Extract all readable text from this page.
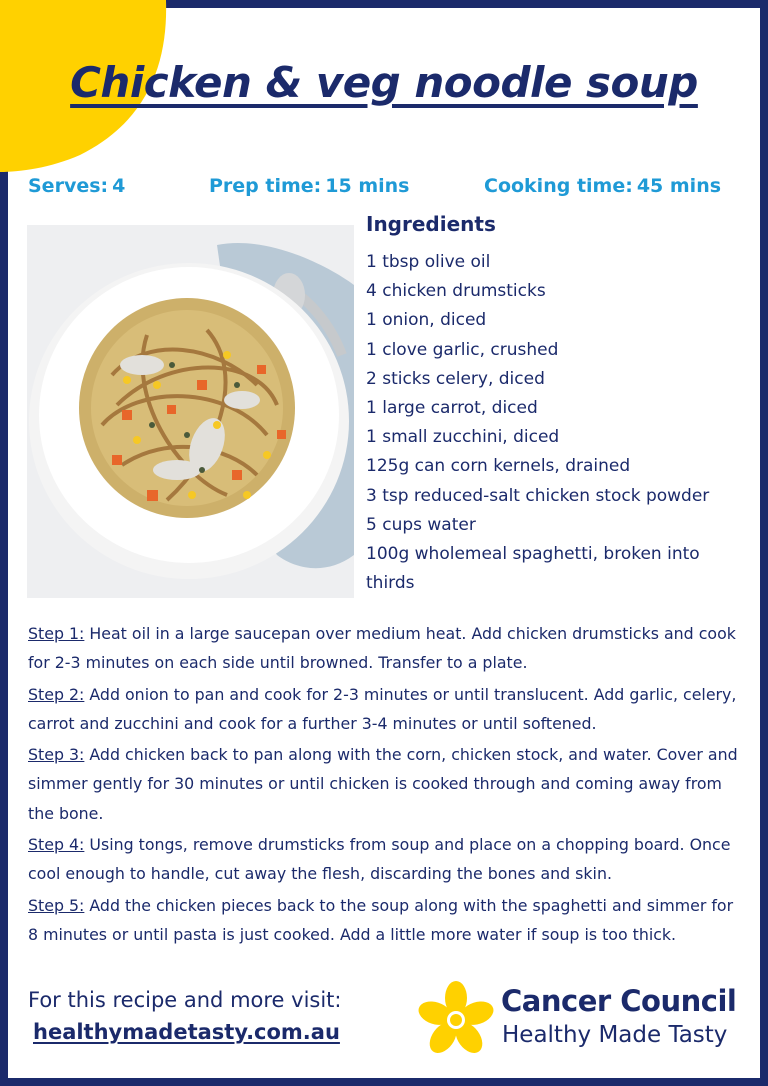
Chicken & veg noodle soup
Serves: 4	Prep time: 15 mins	Cooking time: 45 mins
Ingredients
1 tbsp olive oil
4 chicken drumsticks
1 onion, diced
1 clove garlic, crushed
2 sticks celery, diced
1 large carrot, diced
1 small zucchini, diced
125g can corn kernels, drained
3 tsp reduced-salt chicken stock powder
5 cups water
100g wholemeal spaghetti, broken into thirds

Step 1: Heat oil in a large saucepan over medium heat. Add chicken drumsticks and cook for 2-3 minutes on each side until browned. Transfer to a plate.

Step 2: Add onion to pan and cook for 2-3 minutes or until translucent. Add garlic, celery, carrot and zucchini and cook for a further 3-4 minutes or until softened.

Step 3: Add chicken back to pan along with the corn, chicken stock, and water. Cover and simmer gently for 30 minutes or until chicken is cooked through and coming away from the bone.

Step 4: Using tongs, remove drumsticks from soup and place on a chopping board. Once cool enough to handle, cut away the flesh, discarding the bones and skin.

Step 5: Add the chicken pieces back to the soup along with the spaghetti and simmer for 8 minutes or until pasta is just cooked. Add a little more water if soup is too thick.

For this recipe and more visit:
healthymadetasty.com.au
Cancer Council
Healthy Made Tasty
